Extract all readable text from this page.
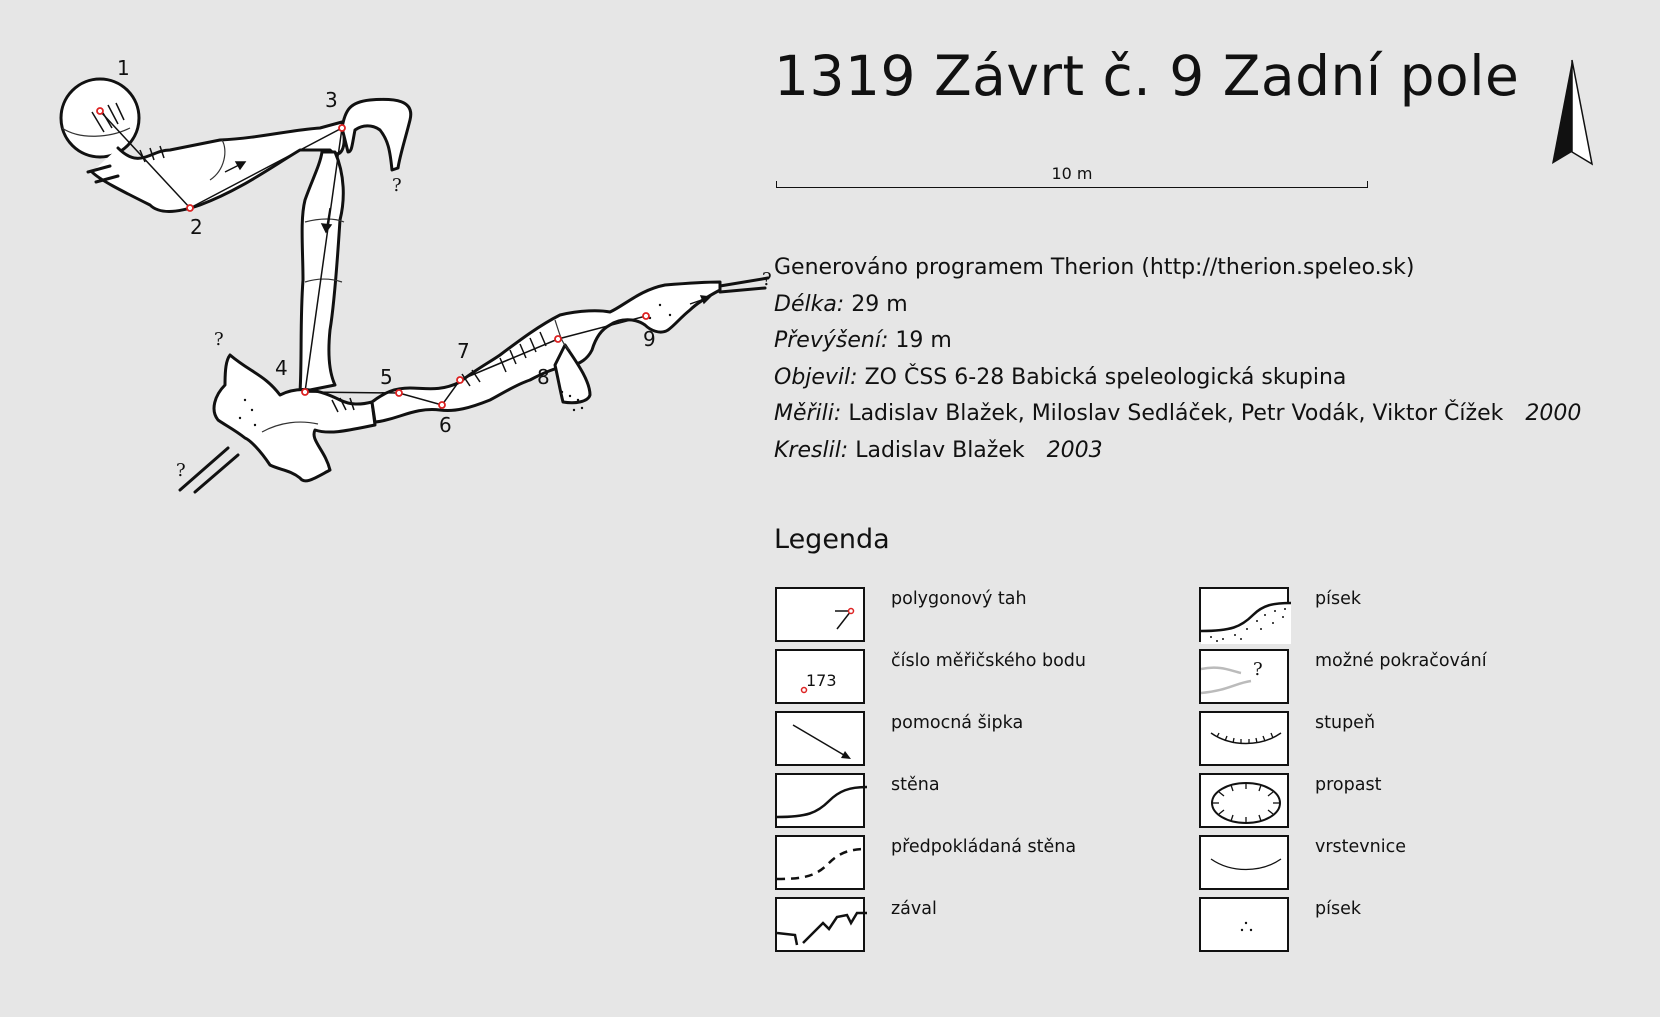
1
2
3
4	5
6
7
8
9
?
?
?
?
1319 Závrt č. 9 Zadní pole
10 m
Generováno programem Therion (http://therion.speleo.sk)
Délka: 29 m
Převýšení: 19 m
Objevil: ZO ČSS 6-28 Babická speleologická skupina
Měřili: Ladislav Blažek, Miloslav Sedláček, Petr Vodák, Viktor Čížek 2000
Kreslil: Ladislav Blažek 2003
Legenda
polygonový tah
173
číslo měřičského bodu
pomocná šipka
stěna
předpokládaná stěna
zával
písek
?	možné pokračování
stupeň
propast
vrstevnice
písek
